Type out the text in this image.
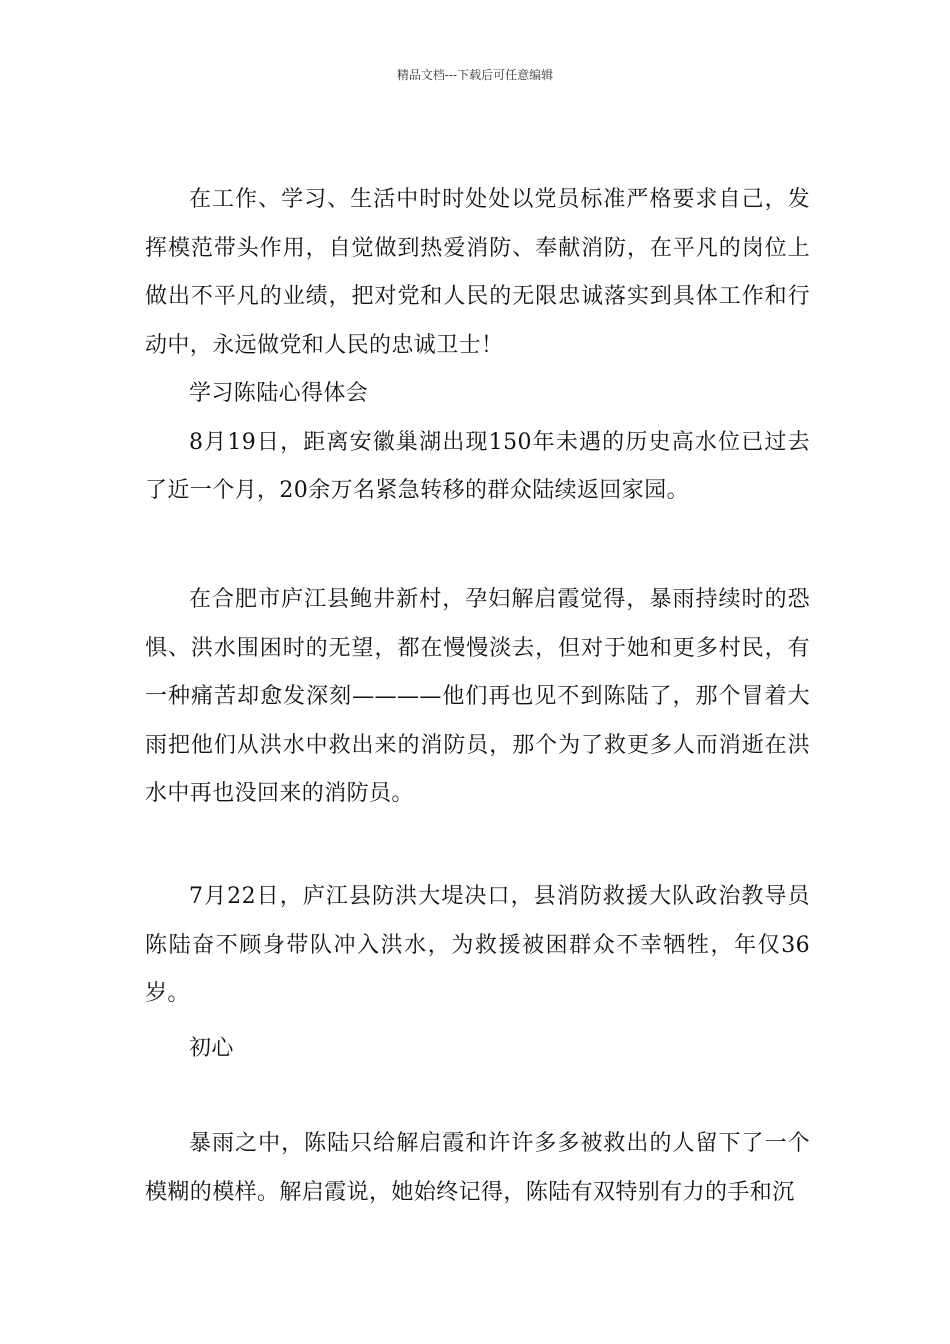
精品文档---下载后可任意编辑

在工作、学习、生活中时时处处以党员标准严格要求自己，发挥模范带头作用，自觉做到热爱消防、奉献消防，在平凡的岗位上做出不平凡的业绩，把对党和人民的无限忠诚落实到具体工作和行动中，永远做党和人民的忠诚卫士！

学习陈陆心得体会

8月19日，距离安徽巢湖出现150年未遇的历史高水位已过去了近一个月，20余万名紧急转移的群众陆续返回家园。

在合肥市庐江县鲍井新村，孕妇解启霞觉得，暴雨持续时的恐惧、洪水围困时的无望，都在慢慢淡去，但对于她和更多村民，有一种痛苦却愈发深刻————他们再也见不到陈陆了，那个冒着大雨把他们从洪水中救出来的消防员，那个为了救更多人而消逝在洪水中再也没回来的消防员。

7月22日，庐江县防洪大堤决口，县消防救援大队政治教导员陈陆奋不顾身带队冲入洪水，为救援被困群众不幸牺牲，年仅36岁。

初心

暴雨之中，陈陆只给解启霞和许许多多被救出的人留下了一个模糊的模样。解启霞说，她始终记得，陈陆有双特别有力的手和沉
